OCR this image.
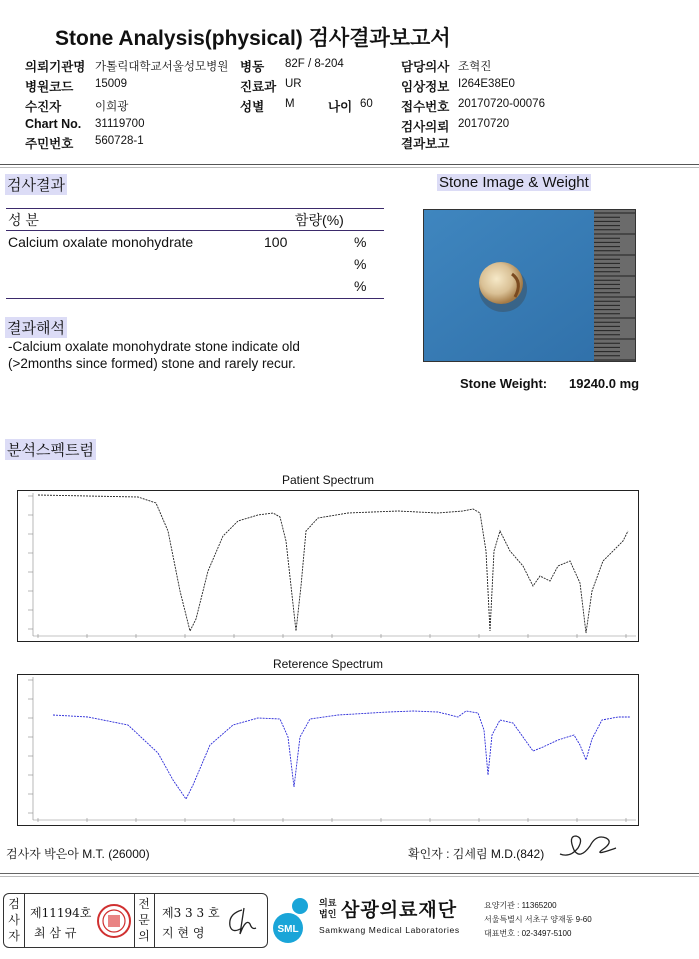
Stone Analysis(physical) 검사결과보고서
의뢰기관명 가톨릭대학교서울성모병원 병동 82F / 8-204	담당의사 조혁진
병원코드 15009	진료과 UR	임상정보 I264E38E0
수진자	이희광	성별 M	나이 60 접수번호 20170720-00076
Chart No. 31119700	검사의뢰 20170720
주민번호 560728-1	결과보고
검사결과
성 분	함량(%)
Calcium oxalate monohydrate	100	%
%
%
결과해석
-Calcium oxalate monohydrate stone indicate old
(>2months since formed) stone and rarely recur.
Stone Image & Weight
Stone Weight: 19240.0 mg
분석스펙트럼
Patient Spectrum
Reterence Spectrum
검사자 박은아 M.T. (26000)	확인자 : 김세림 M.D.(842)
검사자
제11194호
최 삼 규
전문의
제3 3 3 호
지 현 영	SML
의료
법인 삼광의료재단
Samkwang Medical Laboratories
요양기관 : 11365200
서울특별시 서초구 양재동 9-60
대표번호 : 02-3497-5100
